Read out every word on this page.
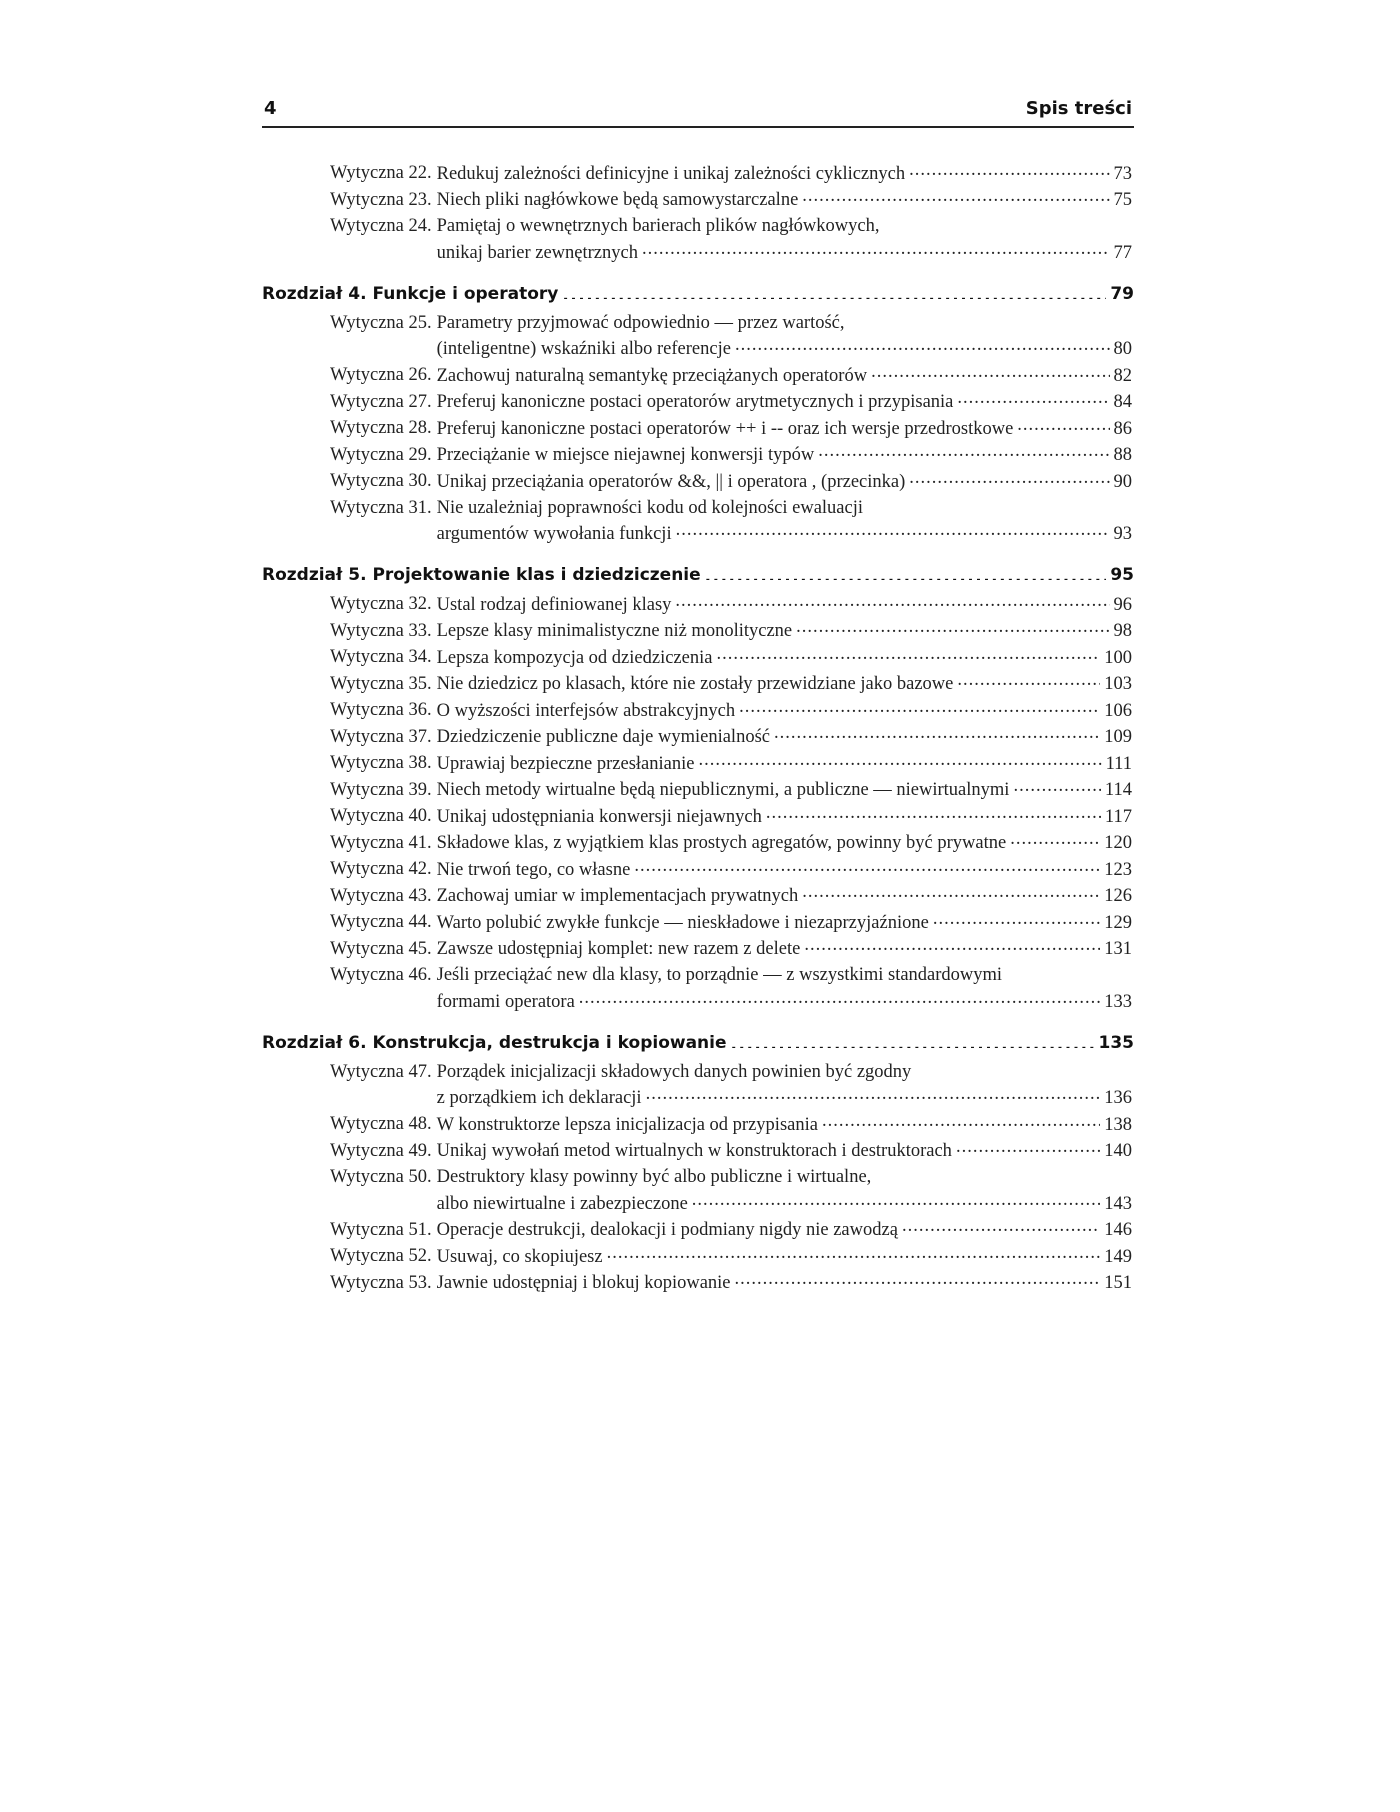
4	Spis treści
Wytyczna 22. Redukuj zależności definicyjne i unikaj zależności cyklicznych .....	73
Wytyczna 23. Niech pliki nagłówkowe będą samowystarczalne .....	75
Wytyczna 24. Pamiętaj o wewnętrznych barierach plików nagłówkowych,
unikaj barier zewnętrznych .....	77
Rozdział 4. Funkcje i operatory .....	79
Wytyczna 25. Parametry przyjmować odpowiednio — przez wartość,
(inteligentne) wskaźniki albo referencje .....	80
Wytyczna 26. Zachowuj naturalną semantykę przeciążanych operatorów .....	82
Wytyczna 27. Preferuj kanoniczne postaci operatorów arytmetycznych i przypisania .....	84
Wytyczna 28. Preferuj kanoniczne postaci operatorów ++ i -- oraz ich wersje przedrostkowe .....	86
Wytyczna 29. Przeciążanie w miejsce niejawnej konwersji typów .....	88
Wytyczna 30. Unikaj przeciążania operatorów &&, || i operatora , (przecinka) .....	90
Wytyczna 31. Nie uzależniaj poprawności kodu od kolejności ewaluacji
argumentów wywołania funkcji .....	93
Rozdział 5. Projektowanie klas i dziedziczenie .....	95
Wytyczna 32. Ustal rodzaj definiowanej klasy .....	96
Wytyczna 33. Lepsze klasy minimalistyczne niż monolityczne .....	98
Wytyczna 34. Lepsza kompozycja od dziedziczenia .....	100
Wytyczna 35. Nie dziedzicz po klasach, które nie zostały przewidziane jako bazowe .....	103
Wytyczna 36. O wyższości interfejsów abstrakcyjnych .....	106
Wytyczna 37. Dziedziczenie publiczne daje wymienialność .....	109
Wytyczna 38. Uprawiaj bezpieczne przesłanianie .....	111
Wytyczna 39. Niech metody wirtualne będą niepublicznymi, a publiczne — niewirtualnymi .....	114
Wytyczna 40. Unikaj udostępniania konwersji niejawnych .....	117
Wytyczna 41. Składowe klas, z wyjątkiem klas prostych agregatów, powinny być prywatne .....	120
Wytyczna 42. Nie trwoń tego, co własne .....	123
Wytyczna 43. Zachowaj umiar w implementacjach prywatnych .....	126
Wytyczna 44. Warto polubić zwykłe funkcje — nieskładowe i niezaprzyjaźnione .....	129
Wytyczna 45. Zawsze udostępniaj komplet: new razem z delete .....	131
Wytyczna 46. Jeśli przeciążać new dla klasy, to porządnie — z wszystkimi standardowymi
formami operatora .....	133
Rozdział 6. Konstrukcja, destrukcja i kopiowanie .....	135
Wytyczna 47. Porządek inicjalizacji składowych danych powinien być zgodny
z porządkiem ich deklaracji .....	136
Wytyczna 48. W konstruktorze lepsza inicjalizacja od przypisania .....	138
Wytyczna 49. Unikaj wywołań metod wirtualnych w konstruktorach i destruktorach .....	140
Wytyczna 50. Destruktory klasy powinny być albo publiczne i wirtualne,
albo niewirtualne i zabezpieczone .....	143
Wytyczna 51. Operacje destrukcji, dealokacji i podmiany nigdy nie zawodzą .....	146
Wytyczna 52. Usuwaj, co skopiujesz .....	149
Wytyczna 53. Jawnie udostępniaj i blokuj kopiowanie .....	151
